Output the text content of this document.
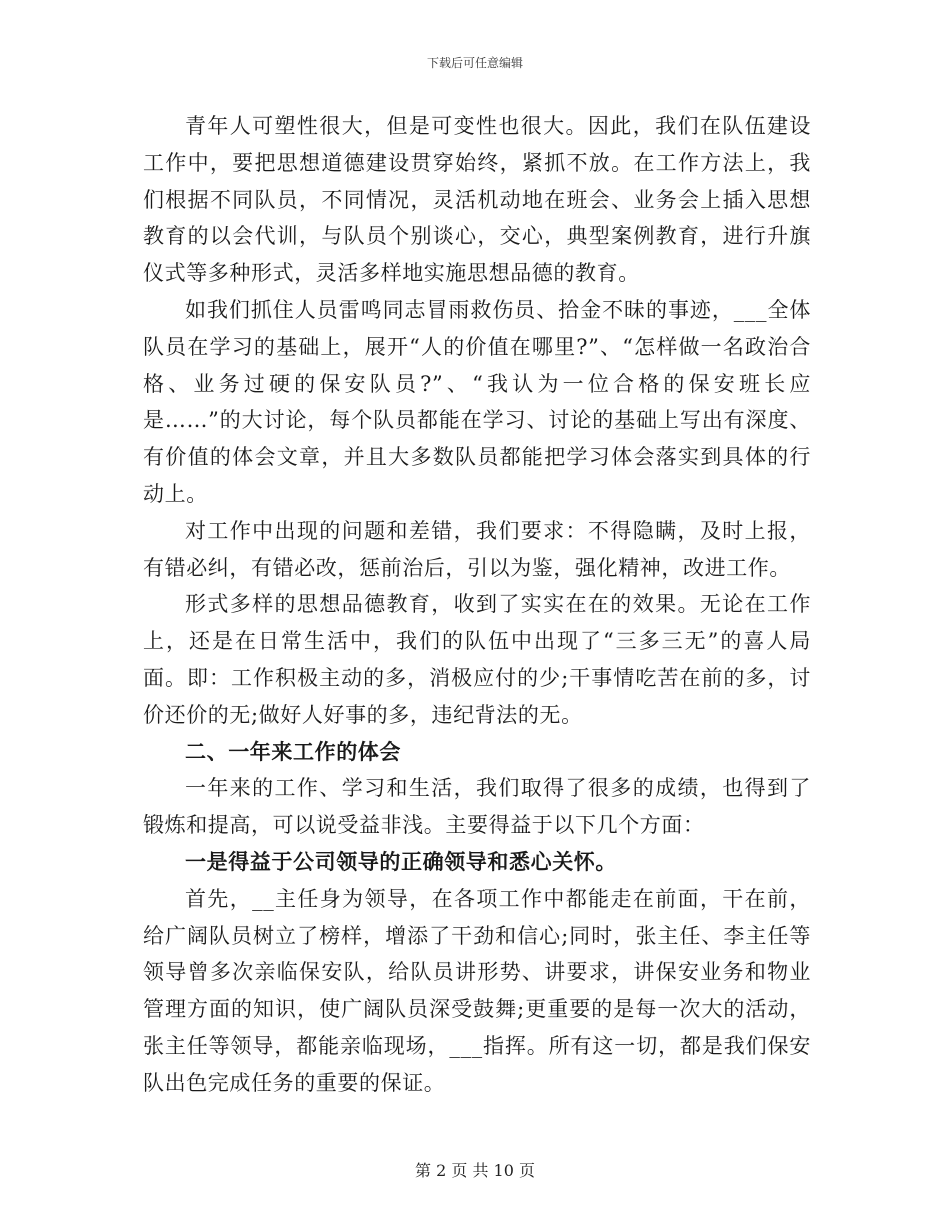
下载后可任意编辑

青年人可塑性很大，但是可变性也很大。因此，我们在队伍建设工作中，要把思想道德建设贯穿始终，紧抓不放。在工作方法上，我们根据不同队员，不同情况，灵活机动地在班会、业务会上插入思想教育的以会代训，与队员个别谈心，交心，典型案例教育，进行升旗仪式等多种形式，灵活多样地实施思想品德的教育。

如我们抓住人员雷鸣同志冒雨救伤员、拾金不昧的事迹，___全体队员在学习的基础上，展开“人的价值在哪里?”、“怎样做一名政治合格、业务过硬的保安队员?”、“我认为一位合格的保安班长应是……”的大讨论，每个队员都能在学习、讨论的基础上写出有深度、有价值的体会文章，并且大多数队员都能把学习体会落实到具体的行动上。

对工作中出现的问题和差错，我们要求：不得隐瞒，及时上报，有错必纠，有错必改，惩前治后，引以为鉴，强化精神，改进工作。

形式多样的思想品德教育，收到了实实在在的效果。无论在工作上，还是在日常生活中，我们的队伍中出现了“三多三无”的喜人局面。即：工作积极主动的多，消极应付的少;干事情吃苦在前的多，讨价还价的无;做好人好事的多，违纪背法的无。

二、一年来工作的体会

一年来的工作、学习和生活，我们取得了很多的成绩，也得到了锻炼和提高，可以说受益非浅。主要得益于以下几个方面：

一是得益于公司领导的正确领导和悉心关怀。

首先，__主任身为领导，在各项工作中都能走在前面，干在前，给广阔队员树立了榜样，增添了干劲和信心;同时，张主任、李主任等领导曾多次亲临保安队，给队员讲形势、讲要求，讲保安业务和物业管理方面的知识，使广阔队员深受鼓舞;更重要的是每一次大的活动，张主任等领导，都能亲临现场，___指挥。所有这一切，都是我们保安队出色完成任务的重要的保证。

第 2 页 共 10 页
